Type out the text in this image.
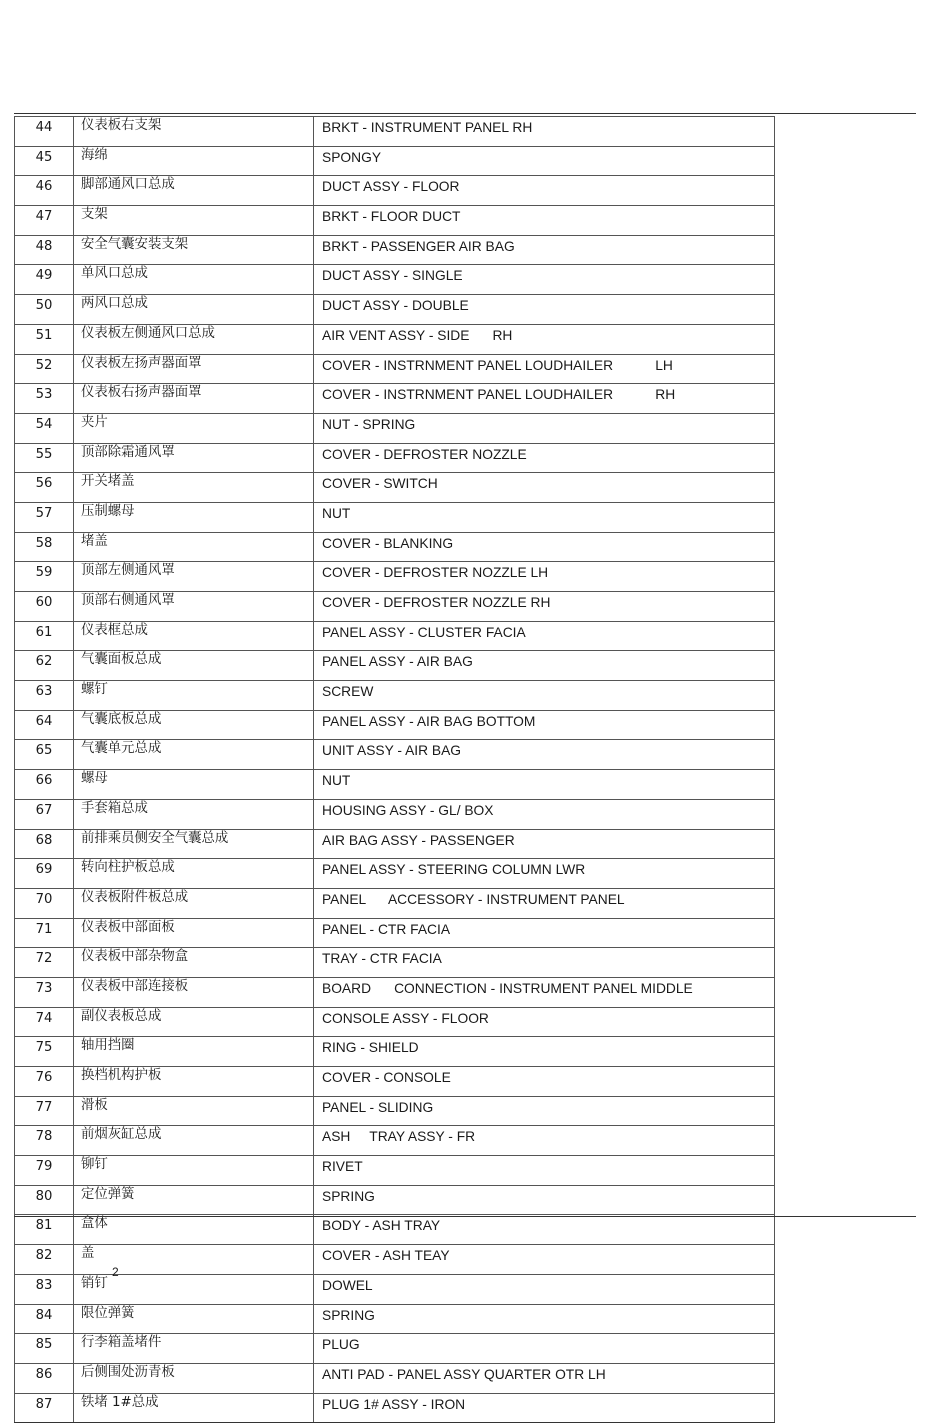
44	仪表板右支架	BRKT - INSTRUMENT PANEL RH
45	海绵	SPONGY
46	脚部通风口总成	DUCT ASSY - FLOOR
47	支架	BRKT - FLOOR DUCT
48	安全气囊安装支架	BRKT - PASSENGER AIR BAG
49	单风口总成	DUCT ASSY - SINGLE
50	两风口总成	DUCT ASSY - DOUBLE
51	仪表板左侧通风口总成	AIR VENT ASSY - SIDE      RH
52	仪表板左扬声器面罩	COVER - INSTRNMENT PANEL LOUDHAILER           LH
53	仪表板右扬声器面罩	COVER - INSTRNMENT PANEL LOUDHAILER           RH
54	夹片	NUT - SPRING
55	顶部除霜通风罩	COVER - DEFROSTER NOZZLE
56	开关堵盖	COVER - SWITCH
57	压制螺母	NUT
58	堵盖	COVER - BLANKING
59	顶部左侧通风罩	COVER - DEFROSTER NOZZLE LH
60	顶部右侧通风罩	COVER - DEFROSTER NOZZLE RH
61	仪表框总成	PANEL ASSY - CLUSTER FACIA
62	气囊面板总成	PANEL ASSY - AIR BAG
63	螺钉	SCREW
64	气囊底板总成	PANEL ASSY - AIR BAG BOTTOM
65	气囊单元总成	UNIT ASSY - AIR BAG
66	螺母	NUT
67	手套箱总成	HOUSING ASSY - GL/ BOX
68	前排乘员侧安全气囊总成	AIR BAG ASSY - PASSENGER
69	转向柱护板总成	PANEL ASSY - STEERING COLUMN LWR
70	仪表板附件板总成	PANEL      ACCESSORY - INSTRUMENT PANEL
71	仪表板中部面板	PANEL - CTR FACIA
72	仪表板中部杂物盒	TRAY - CTR FACIA
73	仪表板中部连接板	BOARD      CONNECTION - INSTRUMENT PANEL MIDDLE
74	副仪表板总成	CONSOLE ASSY - FLOOR
75	轴用挡圈	RING - SHIELD
76	换档机构护板	COVER - CONSOLE
77	滑板	PANEL - SLIDING
78	前烟灰缸总成	ASH     TRAY ASSY - FR
79	铆钉	RIVET
80	定位弹簧	SPRING
81	盒体	BODY - ASH TRAY
82	盖	COVER - ASH TEAY
83	销钉	DOWEL
84	限位弹簧	SPRING
85	行李箱盖堵件	PLUG
86	后侧围处沥青板	ANTI PAD - PANEL ASSY QUARTER OTR LH
87	铁堵 1#总成	PLUG 1# ASSY - IRON
2
